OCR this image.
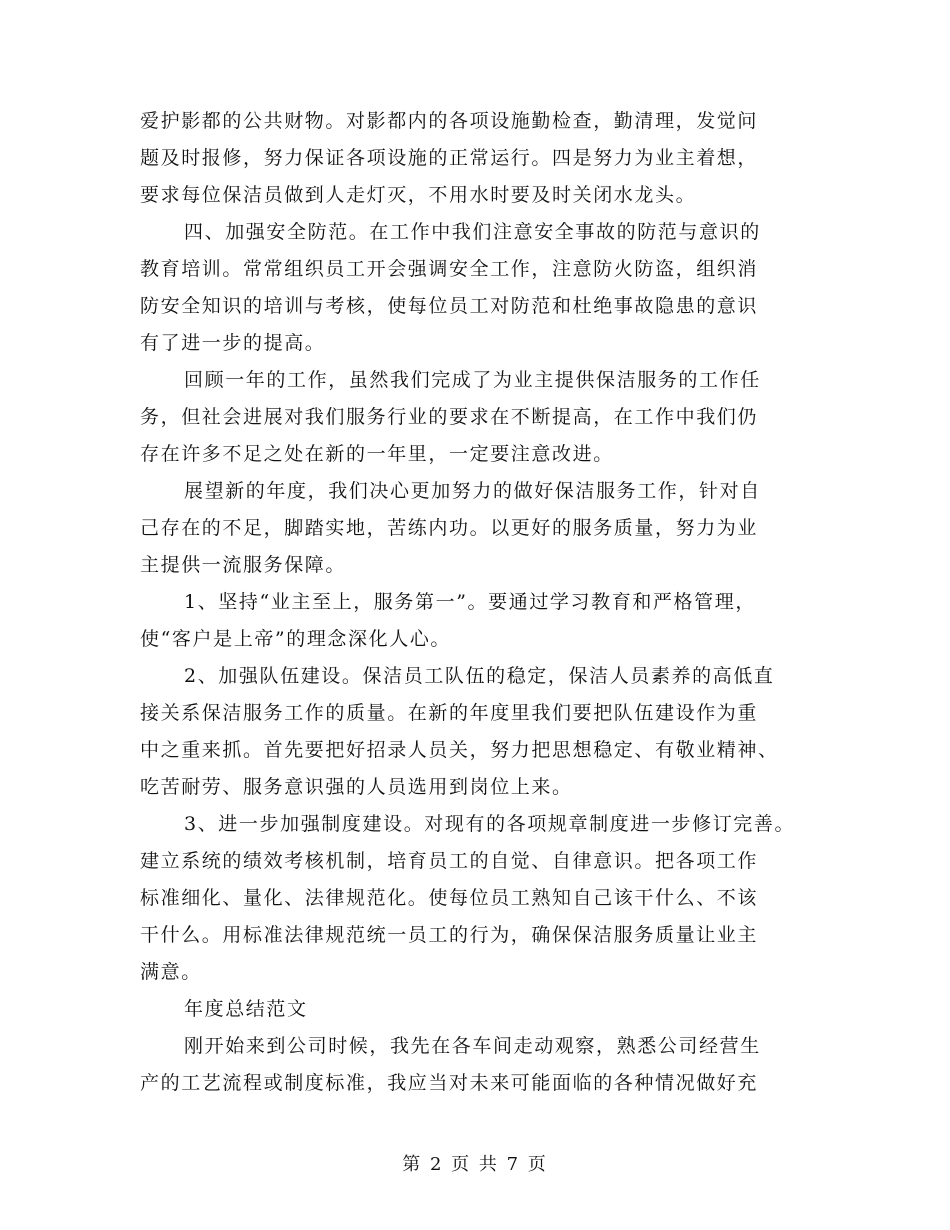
爱护影都的公共财物。对影都内的各项设施勤检查，勤清理，发觉问
题及时报修，努力保证各项设施的正常运行。四是努力为业主着想，
要求每位保洁员做到人走灯灭，不用水时要及时关闭水龙头。

四、加强安全防范。在工作中我们注意安全事故的防范与意识的
教育培训。常常组织员工开会强调安全工作，注意防火防盗，组织消
防安全知识的培训与考核，使每位员工对防范和杜绝事故隐患的意识
有了进一步的提高。

回顾一年的工作，虽然我们完成了为业主提供保洁服务的工作任
务，但社会进展对我们服务行业的要求在不断提高，在工作中我们仍
存在许多不足之处在新的一年里，一定要注意改进。

展望新的年度，我们决心更加努力的做好保洁服务工作，针对自
己存在的不足，脚踏实地，苦练内功。以更好的服务质量，努力为业
主提供一流服务保障。

1、坚持“业主至上，服务第一”。要通过学习教育和严格管理，
使“客户是上帝”的理念深化人心。

2、加强队伍建设。保洁员工队伍的稳定，保洁人员素养的高低直
接关系保洁服务工作的质量。在新的年度里我们要把队伍建设作为重
中之重来抓。首先要把好招录人员关，努力把思想稳定、有敬业精神、
吃苦耐劳、服务意识强的人员选用到岗位上来。

3、进一步加强制度建设。对现有的各项规章制度进一步修订完善。
建立系统的绩效考核机制，培育员工的自觉、自律意识。把各项工作
标准细化、量化、法律规范化。使每位员工熟知自己该干什么、不该
干什么。用标准法律规范统一员工的行为，确保保洁服务质量让业主
满意。

年度总结范文

刚开始来到公司时候，我先在各车间走动观察，熟悉公司经营生
产的工艺流程或制度标准，我应当对未来可能面临的各种情况做好充

第 2 页 共 7 页
